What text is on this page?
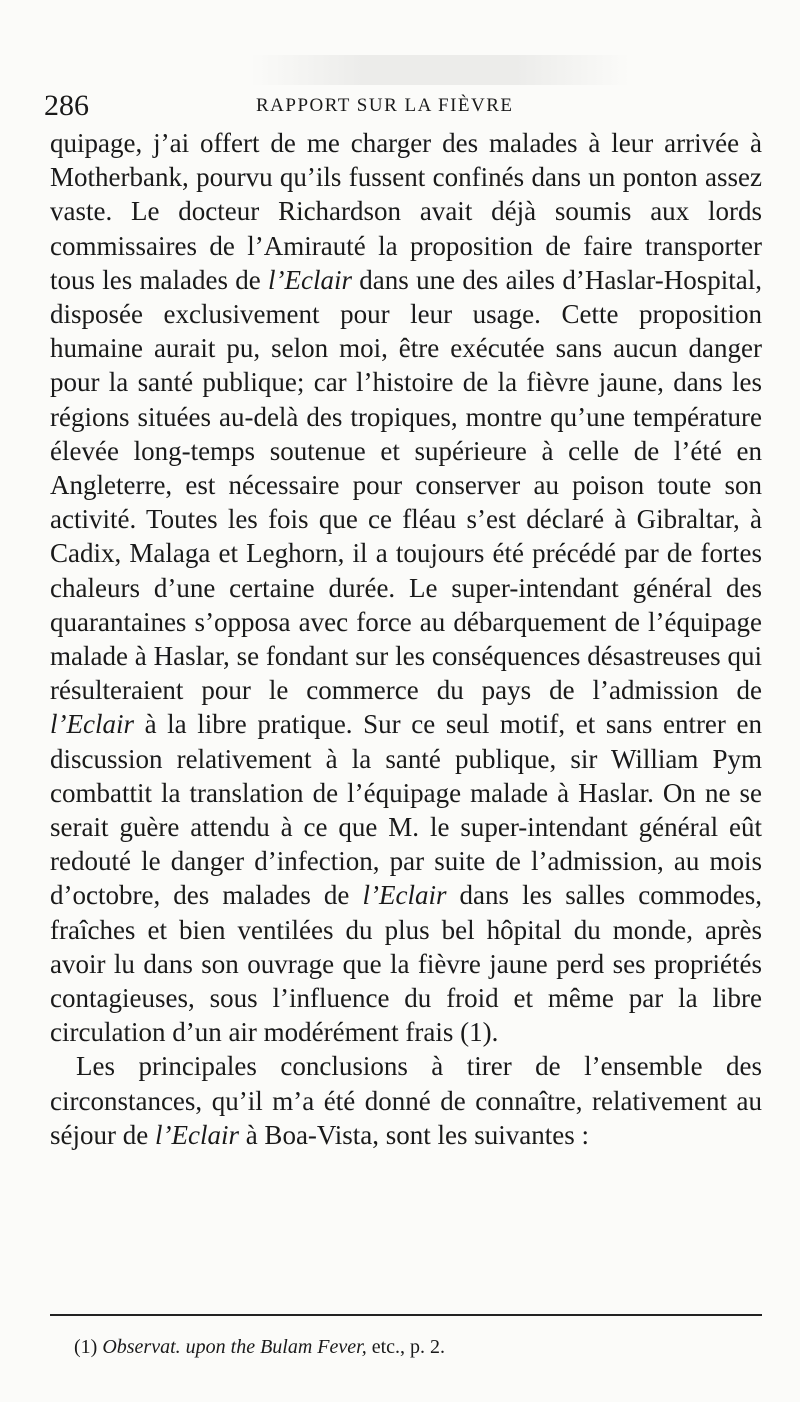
286	RAPPORT SUR LA FIÈVRE

quipage, j’ai offert de me charger des malades à leur arrivée à Motherbank, pourvu qu’ils fussent confinés dans un ponton assez vaste. Le docteur Richardson avait déjà soumis aux lords commissaires de l’Amirauté la proposition de faire transporter tous les malades de l’Eclair dans une des ailes d’Haslar-Hospital, disposée exclusivement pour leur usage. Cette proposition humaine aurait pu, selon moi, être exécutée sans aucun danger pour la santé publique; car l’histoire de la fièvre jaune, dans les régions situées au-delà des tropiques, montre qu’une température élevée long-temps soutenue et supérieure à celle de l’été en Angleterre, est nécessaire pour conserver au poison toute son activité. Toutes les fois que ce fléau s’est déclaré à Gibraltar, à Cadix, Malaga et Leghorn, il a toujours été précédé par de fortes chaleurs d’une certaine durée. Le super-intendant général des quarantaines s’opposa avec force au débarquement de l’équipage malade à Haslar, se fondant sur les conséquences désastreuses qui résulteraient pour le commerce du pays de l’admission de l’Eclair à la libre pratique. Sur ce seul motif, et sans entrer en discussion relativement à la santé publique, sir William Pym combattit la translation de l’équipage malade à Haslar. On ne se serait guère attendu à ce que M. le super-intendant général eût redouté le danger d’infection, par suite de l’admission, au mois d’octobre, des malades de l’Eclair dans les salles commodes, fraîches et bien ventilées du plus bel hôpital du monde, après avoir lu dans son ouvrage que la fièvre jaune perd ses propriétés contagieuses, sous l’influence du froid et même par la libre circulation d’un air modérément frais (1).

Les principales conclusions à tirer de l’ensemble des circonstances, qu’il m’a été donné de connaître, relativement au séjour de l’Eclair à Boa-Vista, sont les suivantes :

(1) Observat. upon the Bulam Fever, etc., p. 2.
